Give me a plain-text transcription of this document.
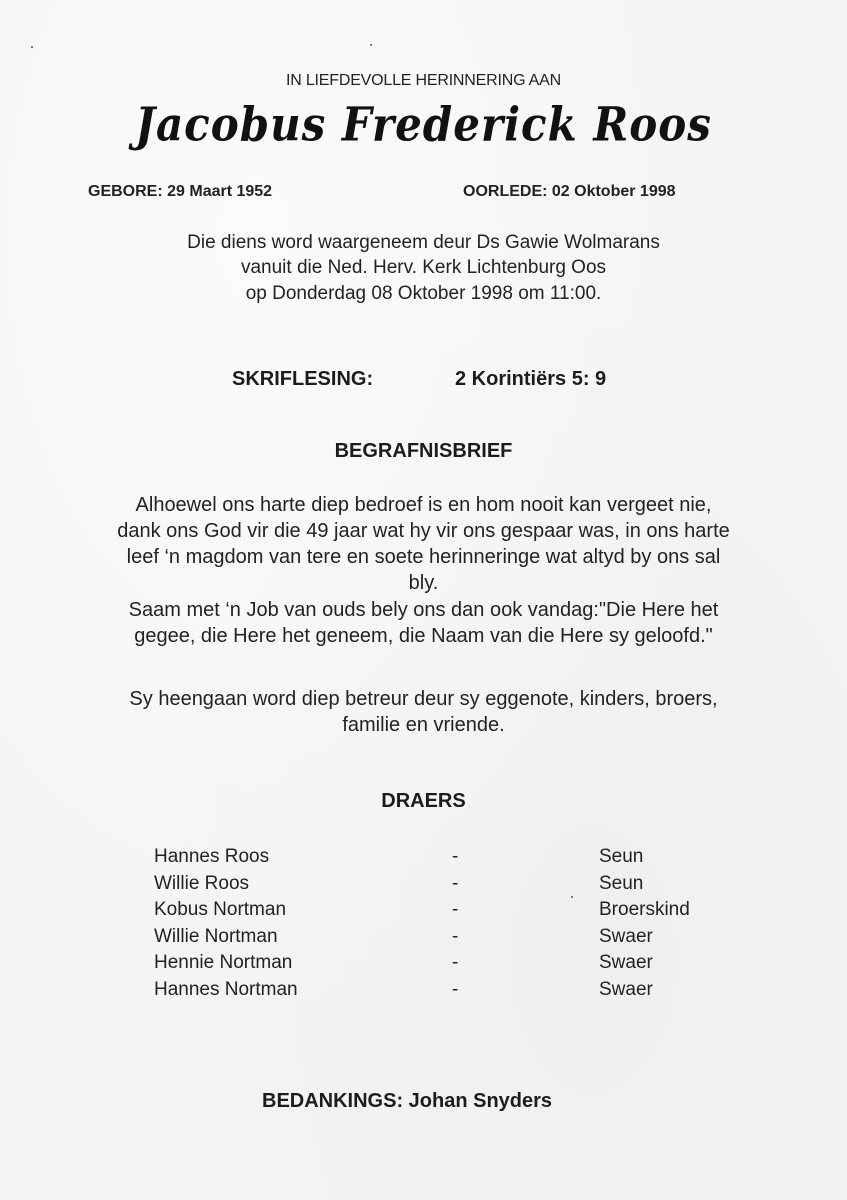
IN LIEFDEVOLLE HERINNERING AAN
Jacobus Frederick Roos
GEBORE: 29 Maart 1952	OORLEDE: 02 Oktober 1998
Die diens word waargeneem deur Ds Gawie Wolmarans
vanuit die Ned. Herv. Kerk Lichtenburg Oos
op Donderdag 08 Oktober 1998 om 11:00.
SKRIFLESING:	2 Korintiërs 5: 9
BEGRAFNISBRIEF
Alhoewel ons harte diep bedroef is en hom nooit kan vergeet nie,
dank ons God vir die 49 jaar wat hy vir ons gespaar was, in ons harte
leef ‘n magdom van tere en soete herinneringe wat altyd by ons sal
bly.
Saam met ‘n Job van ouds bely ons dan ook vandag:"Die Here het
gegee, die Here het geneem, die Naam van die Here sy geloofd."
Sy heengaan word diep betreur deur sy eggenote, kinders, broers,
familie en vriende.
DRAERS
Hannes Roos	-	Seun
Willie Roos	-	Seun
Kobus Nortman	-	Broerskind
Willie Nortman	-	Swaer
Hennie Nortman	-	Swaer
Hannes Nortman	-	Swaer
BEDANKINGS: Johan Snyders
